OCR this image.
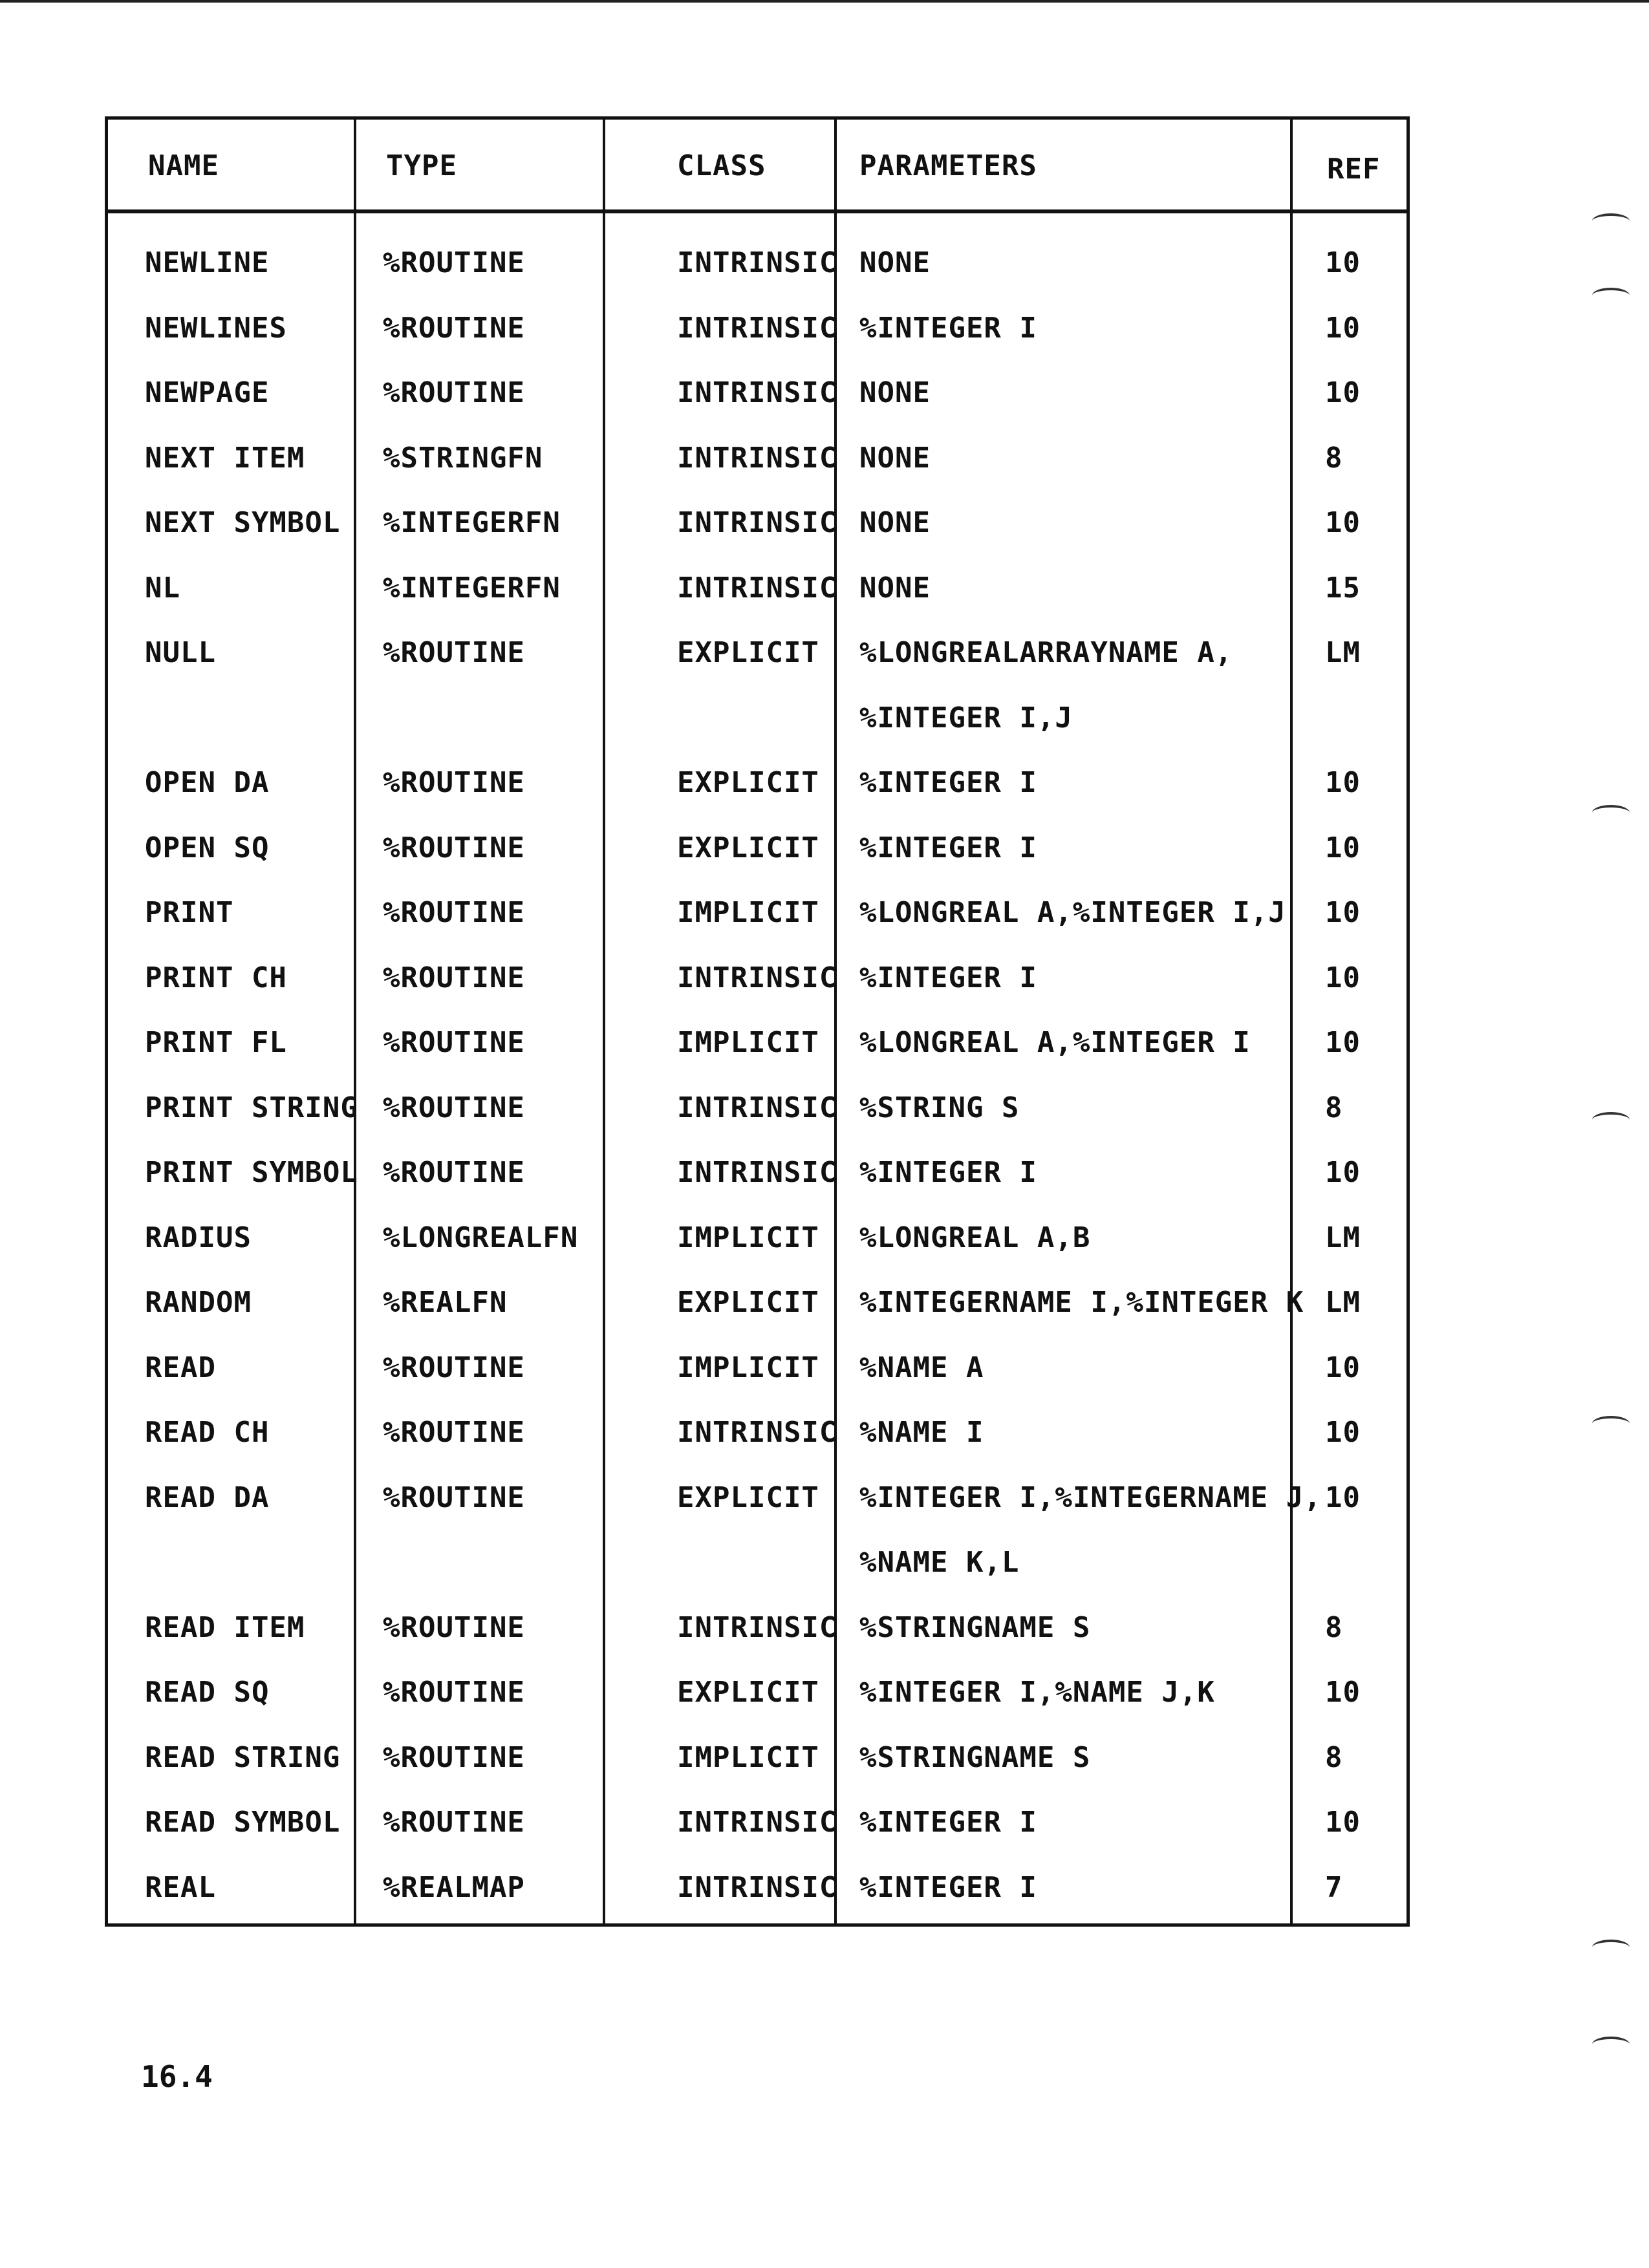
NAME	TYPE	CLASS	PARAMETERS	REF
NEWLINE	%ROUTINE	INTRINSIC NONE	10
NEWLINES	%ROUTINE	INTRINSIC %INTEGER I	10
NEWPAGE	%ROUTINE	INTRINSIC NONE	10
NEXT ITEM	%STRINGFN	INTRINSIC NONE	8
NEXT SYMBOL %INTEGERFN	INTRINSIC NONE	10
NL	%INTEGERFN	INTRINSIC NONE	15
NULL	%ROUTINE	EXPLICIT %LONGREALARRAYNAME A,	LM
%INTEGER I,J
OPEN DA	%ROUTINE	EXPLICIT %INTEGER I	10
OPEN SQ	%ROUTINE	EXPLICIT %INTEGER I	10
PRINT	%ROUTINE	IMPLICIT %LONGREAL A,%INTEGER I,J 10
PRINT CH	%ROUTINE	INTRINSIC %INTEGER I	10
PRINT FL	%ROUTINE	IMPLICIT %LONGREAL A,%INTEGER I	10
PRINT STRING %ROUTINE	INTRINSIC %STRING S	8
PRINT SYMBOL %ROUTINE	INTRINSIC %INTEGER I	10
RADIUS	%LONGREALFN	IMPLICIT %LONGREAL A,B	LM
RANDOM	%REALFN	EXPLICIT %INTEGERNAME I,%INTEGER K LM
READ	%ROUTINE	IMPLICIT %NAME A	10
READ CH	%ROUTINE	INTRINSIC %NAME I	10
READ DA	%ROUTINE	EXPLICIT %INTEGER I,%INTEGERNAME J, 10
%NAME K,L
READ ITEM	%ROUTINE	INTRINSIC %STRINGNAME S	8
READ SQ	%ROUTINE	EXPLICIT %INTEGER I,%NAME J,K	10
READ STRING %ROUTINE	IMPLICIT %STRINGNAME S	8
READ SYMBOL %ROUTINE	INTRINSIC %INTEGER I	10
REAL	%REALMAP	INTRINSIC %INTEGER I	7
16.4
